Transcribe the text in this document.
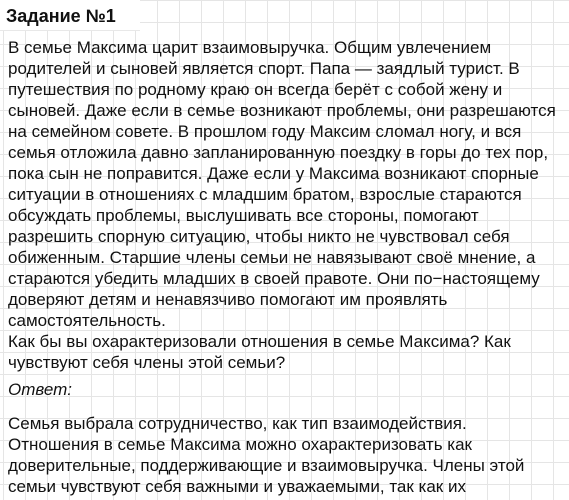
Задание №1
В семье Максима царит взаимовыручка. Общим увлечением родителей и сыновей является спорт. Папа — заядлый турист. В путешествия по родному краю он всегда берёт с собой жену и сыновей. Даже если в семье возникают проблемы, они разрешаются на семейном совете. В прошлом году Максим сломал ногу, и вся семья отложила давно запланированную поездку в горы до тех пор, пока сын не поправится. Даже если у Максима возникают спорные ситуации в отношениях с младшим братом, взрослые стараются обсуждать проблемы, выслушивать все стороны, помогают разрешить спорную ситуацию, чтобы никто не чувствовал себя обиженным. Старшие члены семьи не навязывают своё мнение, а стараются убедить младших в своей правоте. Они по−настоящему доверяют детям и ненавязчиво помогают им проявлять самостоятельность.
Как бы вы охарактеризовали отношения в семье Максима? Как чувствуют себя члены этой семьи?

Ответ:

Семья выбрала сотрудничество, как тип взаимодействия. Отношения в семье Максима можно охарактеризовать как доверительные, поддерживающие и взаимовыручка. Члены этой семьи чувствуют себя важными и уважаемыми, так как их
